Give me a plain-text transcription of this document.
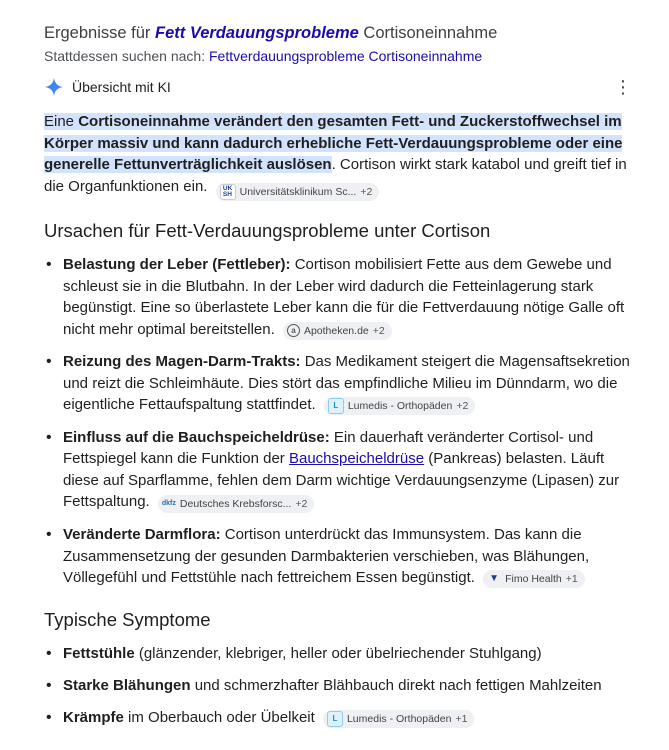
Ergebnisse für Fett Verdauungsprobleme Cortisoneinnahme
Stattdessen suchen nach: Fettverdauungsprobleme Cortisoneinnahme
Übersicht mit KI	⋮
Eine Cortisoneinnahme verändert den gesamten Fett- und Zuckerstoffwechsel im Körper massiv und kann dadurch erhebliche Fett-Verdauungsprobleme oder eine generelle Fettunverträglichkeit auslösen. Cortison wirkt stark katabol und greift tief in die Organfunktionen ein.	UK
SH Universitätsklinikum Sc... +2
Ursachen für Fett-Verdauungsprobleme unter Cortison
• Belastung der Leber (Fettleber): Cortison mobilisiert Fette aus dem Gewebe und schleust sie in die Blutbahn. In der Leber wird dadurch die Fetteinlagerung stark begünstigt. Eine so überlastete Leber kann die für die Fettverdauung nötige Galle oft nicht mehr optimal bereitstellen.	a Apotheken.de +2
• Reizung des Magen-Darm-Trakts: Das Medikament steigert die Magensaftsekretion und reizt die Schleimhäute. Dies stört das empfindliche Milieu im Dünndarm, wo die eigentliche Fettaufspaltung stattfindet.	L Lumedis - Orthopäden +2
• Einfluss auf die Bauchspeicheldrüse: Ein dauerhaft veränderter Cortisol- und Fettspiegel kann die Funktion der Bauchspeicheldrüse (Pankreas) belasten. Läuft diese auf Sparflamme, fehlen dem Darm wichtige Verdauungsenzyme (Lipasen) zur Fettspaltung. dkfz Deutsches Krebsforsc... +2
• Veränderte Darmflora: Cortison unterdrückt das Immunsystem. Das kann die Zusammensetzung der gesunden Darmbakterien verschieben, was Blähungen, Völlegefühl und Fettstühle nach fettreichem Essen begünstigt. ▼ Fimo Health +1
Typische Symptome
• Fettstühle (glänzender, klebriger, heller oder übelriechender Stuhlgang)
• Starke Blähungen und schmerzhafter Blähbauch direkt nach fettigen Mahlzeiten
• Krämpfe im Oberbauch oder Übelkeit	L Lumedis - Orthopäden +1
